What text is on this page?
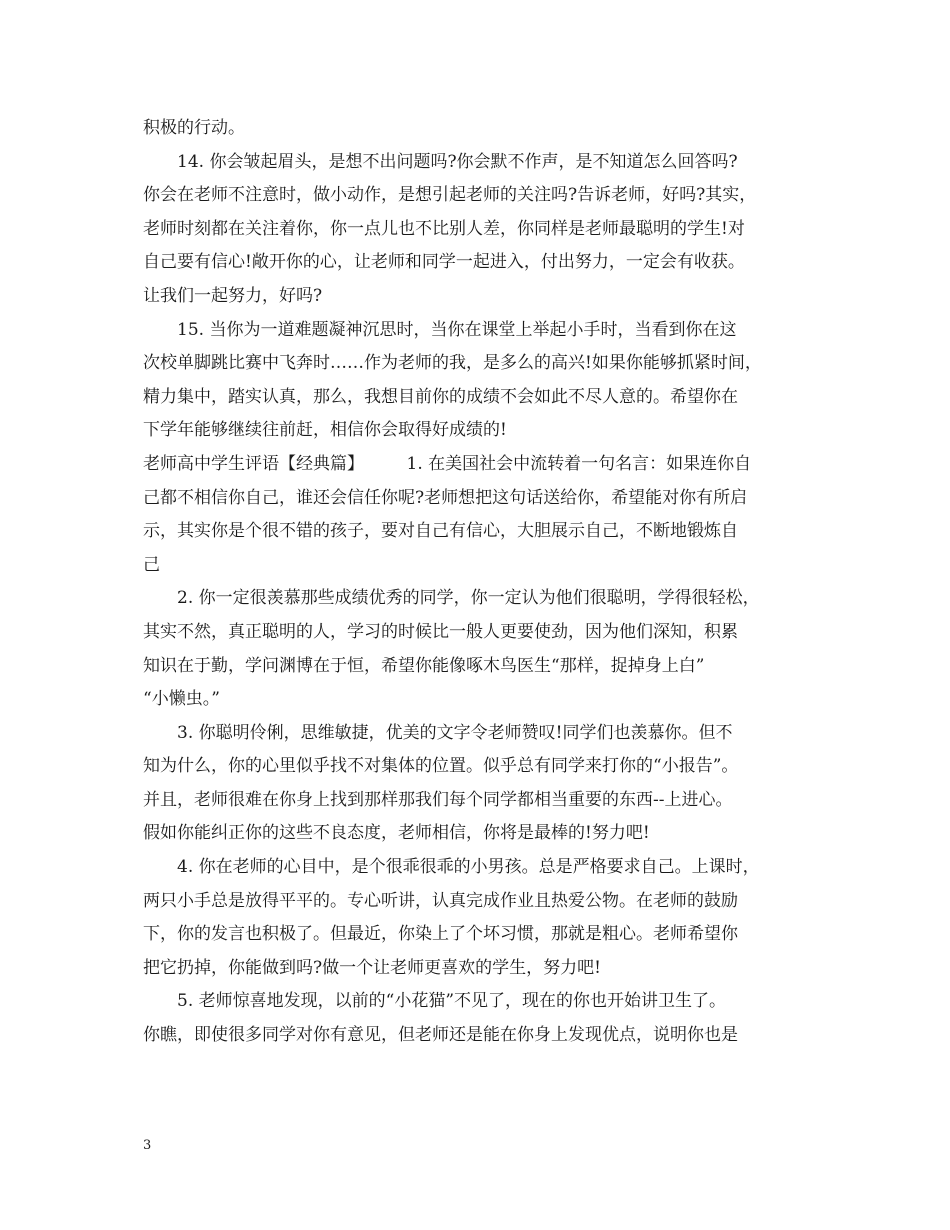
积极的行动。
　　14. 你会皱起眉头，是想不出问题吗?你会默不作声，是不知道怎么回答吗?
你会在老师不注意时，做小动作，是想引起老师的关注吗?告诉老师，好吗?其实，
老师时刻都在关注着你，你一点儿也不比别人差，你同样是老师最聪明的学生!对
自己要有信心!敞开你的心，让老师和同学一起进入，付出努力，一定会有收获。
让我们一起努力，好吗?
　　15. 当你为一道难题凝神沉思时，当你在课堂上举起小手时，当看到你在这
次校单脚跳比赛中飞奔时……作为老师的我，是多么的高兴!如果你能够抓紧时间，
精力集中，踏实认真，那么，我想目前你的成绩不会如此不尽人意的。希望你在
下学年能够继续往前赶，相信你会取得好成绩的!
老师高中学生评语【经典篇】　　　1. 在美国社会中流转着一句名言：如果连你自
己都不相信你自己，谁还会信任你呢?老师想把这句话送给你，希望能对你有所启
示，其实你是个很不错的孩子，要对自己有信心，大胆展示自己，不断地锻炼自
己
　　2. 你一定很羡慕那些成绩优秀的同学，你一定认为他们很聪明，学得很轻松，
其实不然，真正聪明的人，学习的时候比一般人更要使劲，因为他们深知，积累
知识在于勤，学问渊博在于恒，希望你能像啄木鸟医生“那样，捉掉身上白”
“小懒虫。”
　　3. 你聪明伶俐，思维敏捷，优美的文字令老师赞叹!同学们也羡慕你。但不
知为什么，你的心里似乎找不对集体的位置。似乎总有同学来打你的“小报告”。
并且，老师很难在你身上找到那样那我们每个同学都相当重要的东西--上进心。
假如你能纠正你的这些不良态度，老师相信，你将是最棒的!努力吧!
　　4. 你在老师的心目中，是个很乖很乖的小男孩。总是严格要求自己。上课时，
两只小手总是放得平平的。专心听讲，认真完成作业且热爱公物。在老师的鼓励
下，你的发言也积极了。但最近，你染上了个坏习惯，那就是粗心。老师希望你
把它扔掉，你能做到吗?做一个让老师更喜欢的学生，努力吧!
　　5. 老师惊喜地发现，以前的“小花猫”不见了，现在的你也开始讲卫生了。
你瞧，即使很多同学对你有意见，但老师还是能在你身上发现优点，说明你也是
3
